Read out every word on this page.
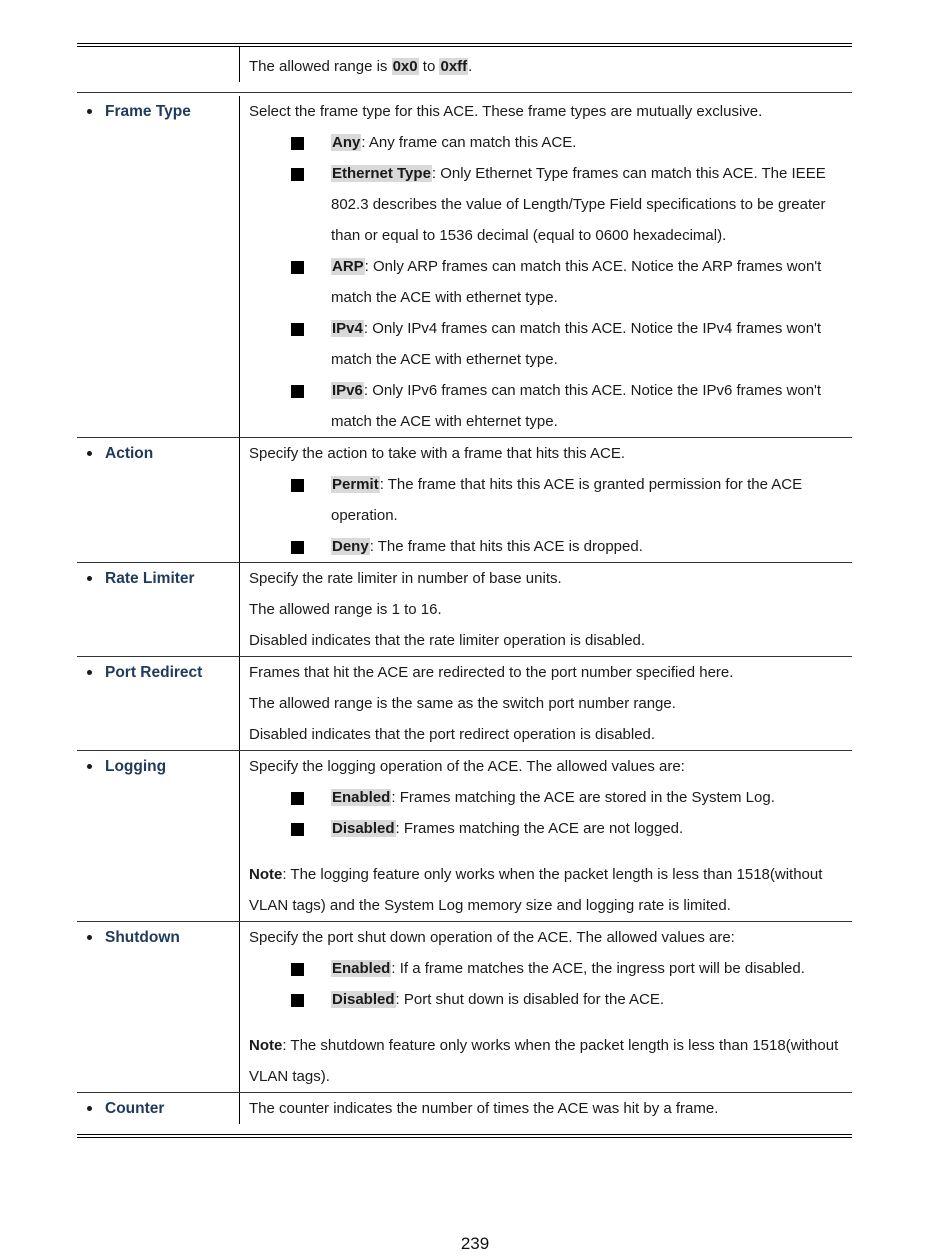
The allowed range is 0x0 to 0xff.
Frame Type	Select the frame type for this ACE. These frame types are mutually exclusive.
Any: Any frame can match this ACE.
Ethernet Type: Only Ethernet Type frames can match this ACE. The IEEE 802.3 describes the value of Length/Type Field specifications to be greater than or equal to 1536 decimal (equal to 0600 hexadecimal).
ARP: Only ARP frames can match this ACE. Notice the ARP frames won't match the ACE with ethernet type.
IPv4: Only IPv4 frames can match this ACE. Notice the IPv4 frames won't match the ACE with ethernet type.
IPv6: Only IPv6 frames can match this ACE. Notice the IPv6 frames won't match the ACE with ehternet type.
Action	Specify the action to take with a frame that hits this ACE.
Permit: The frame that hits this ACE is granted permission for the ACE operation.
Deny: The frame that hits this ACE is dropped.
Rate Limiter	Specify the rate limiter in number of base units.
The allowed range is 1 to 16.
Disabled indicates that the rate limiter operation is disabled.
Port Redirect	Frames that hit the ACE are redirected to the port number specified here.
The allowed range is the same as the switch port number range.
Disabled indicates that the port redirect operation is disabled.
Logging	Specify the logging operation of the ACE. The allowed values are:
Enabled: Frames matching the ACE are stored in the System Log.
Disabled: Frames matching the ACE are not logged.
Note: The logging feature only works when the packet length is less than 1518(without VLAN tags) and the System Log memory size and logging rate is limited.
Shutdown	Specify the port shut down operation of the ACE. The allowed values are:
Enabled: If a frame matches the ACE, the ingress port will be disabled.
Disabled: Port shut down is disabled for the ACE.
Note: The shutdown feature only works when the packet length is less than 1518(without VLAN tags).
Counter	The counter indicates the number of times the ACE was hit by a frame.
239
